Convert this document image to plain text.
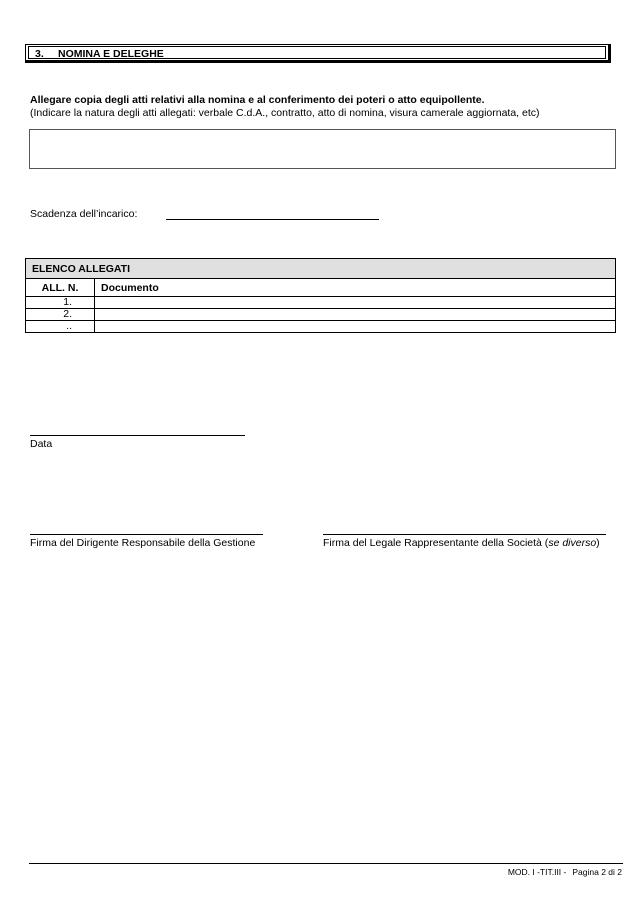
3. NOMINA E DELEGHE
Allegare copia degli atti relativi alla nomina e al conferimento dei poteri o atto equipollente.
(Indicare la natura degli atti allegati: verbale C.d.A., contratto, atto di nomina, visura camerale aggiornata, etc)
Scadenza dell’incarico:
ELENCO ALLEGATI	
ALL. N.	Documento
1.	
2.	
..	
Data
Firma del Dirigente Responsabile della Gestione	Firma del Legale Rappresentante della Società (se diverso)
MOD. I -TIT.III - Pagina 2 di 2
